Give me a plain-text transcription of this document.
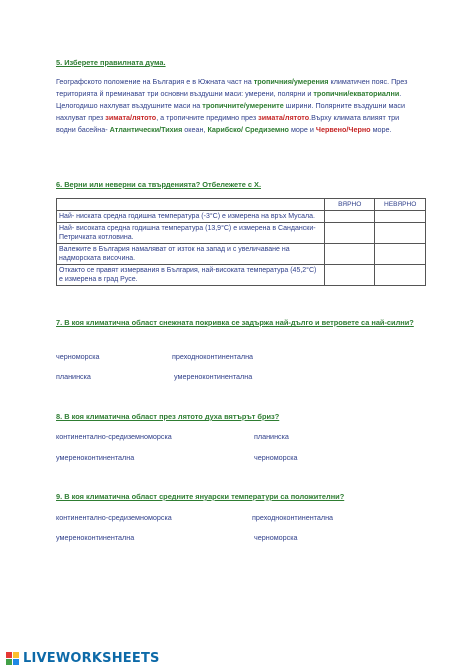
5. Изберете правилната дума.
Географското положение на България е в Южната част на тропичния/умерения климатичен пояс. През територията й преминават три основни въздушни маси: умерени, полярни и тропични/екваториални. Целогодишо нахлуват въздушните маси на тропичните/умерените ширини. Полярните въздушни маси нахлуват през зимата/лятото, а тропичните предимно през зимата/лятото.Върху климата влияят три водни басейна- Атлантически/Тихия океан, Карибско/ Средиземно море и Червено/Черно море.
6. Верни или неверни са твърденията? Отбележете с Х.
	ВЯРНО	НЕВЯРНО
Най- ниската средна годишна температура (-3°С) е измерена на връх Мусала.		
Най- високата средна годишна температура (13,9°С) е измерена в Сандански-Петричката котловина.		
Валежите в България намаляват от изток на запад и с увеличаване на надморската височина.		
Откакто се правят измервания в България, най-високата температура (45,2°С) е измерена в град Русе.		
7. В коя климатична област снежната покривка се задържа най-дълго и ветровете са най-силни?
черноморска	преходноконтинентална
планинска	умереноконтинентална
8. В коя климатична област през лятото духа вятърът бриз?
континентално-средиземноморска	планинска
умереноконтинентална	черноморска
9. В коя климатична област средните януарски температури са положителни?
континентално-средиземноморска	преходноконтинентална
умереноконтинентална	черноморска
LIVEWORKSHEETS
